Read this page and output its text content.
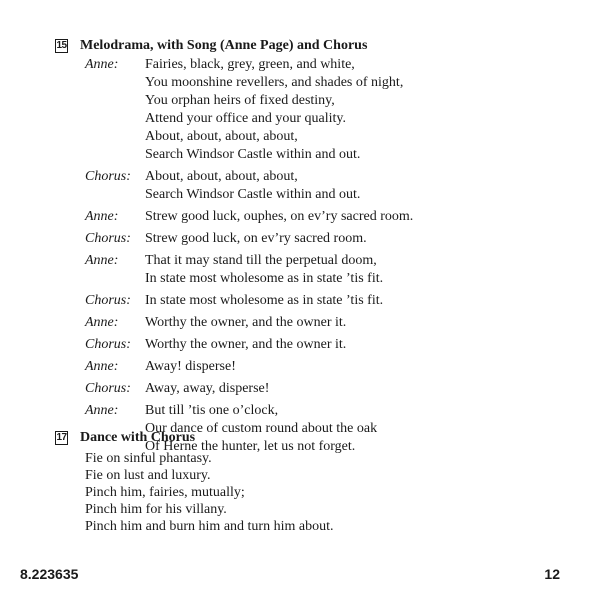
15 Melodrama, with Song (Anne Page) and Chorus
Anne:	Fairies, black, grey, green, and white,
You moonshine revellers, and shades of night,
You orphan heirs of fixed destiny,
Attend your office and your quality.
About, about, about, about,
Search Windsor Castle within and out.
Chorus:	About, about, about, about,
Search Windsor Castle within and out.
Anne:	Strew good luck, ouphes, on ev’ry sacred room.
Chorus:	Strew good luck, on ev’ry sacred room.
Anne:	That it may stand till the perpetual doom,
In state most wholesome as in state ’tis fit.
Chorus:	In state most wholesome as in state ’tis fit.
Anne:	Worthy the owner, and the owner it.
Chorus:	Worthy the owner, and the owner it.
Anne:	Away! disperse!
Chorus:	Away, away, disperse!
Anne:	But till ’tis one o’clock,
Our dance of custom round about the oak
Of Herne the hunter, let us not forget.
17 Dance with Chorus
Fie on sinful phantasy.
Fie on lust and luxury.
Pinch him, fairies, mutually;
Pinch him for his villany.
Pinch him and burn him and turn him about.
8.223635	12
